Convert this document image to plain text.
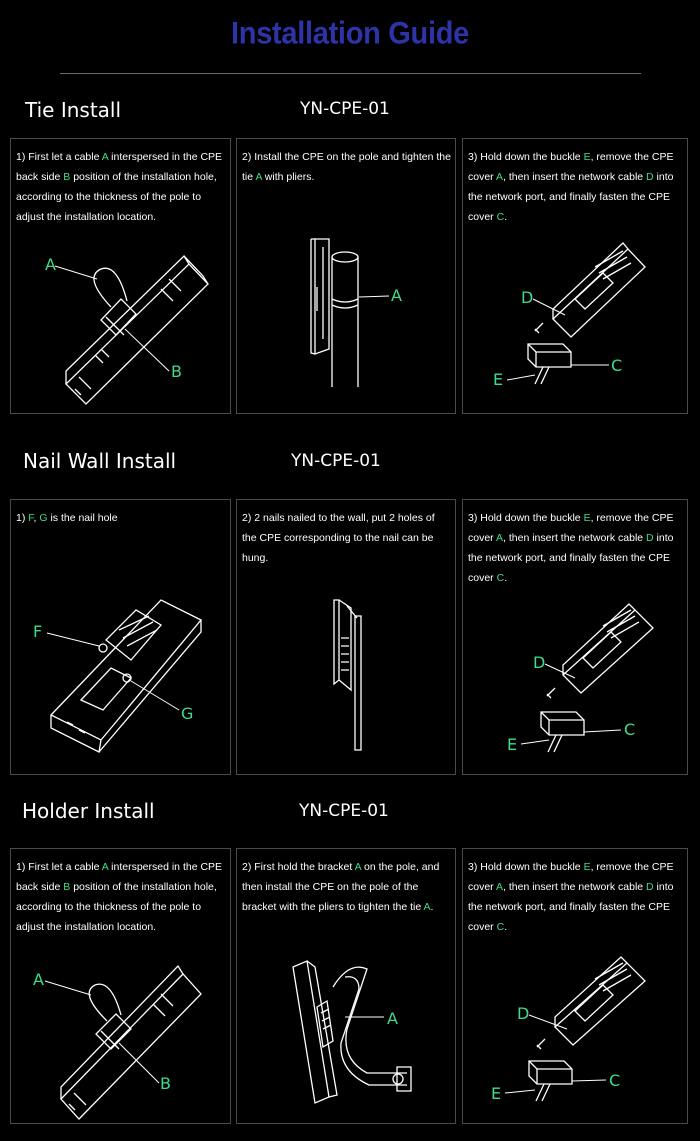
Installation Guide
Tie Install	YN-CPE-01
1) First let a cable A interspersed in the CPE back side B position of the installation hole, according to the thickness of the pole to adjust the installation location.
A
B
2) Install the CPE on the pole and tighten the tie A with pliers.
A
3) Hold down the buckle E, remove the CPE cover A, then insert the network cable D into the network port, and finally fasten the CPE cover C.
D
C
E
Nail Wall Install	YN-CPE-01
1) F, G is the nail hole
F
G
2) 2 nails nailed to the wall, put 2 holes of the CPE corresponding to the nail can be hung.
3) Hold down the buckle E, remove the CPE cover A, then insert the network cable D into the network port, and finally fasten the CPE cover C.
D
C
E
Holder Install	YN-CPE-01
1) First let a cable A interspersed in the CPE back side B position of the installation hole, according to the thickness of the pole to adjust the installation location.
A
B
2) First hold the bracket A on the pole, and then install the CPE on the pole of the bracket with the pliers to tighten the tie A.
A
3) Hold down the buckle E, remove the CPE cover A, then insert the network cable D into the network port, and finally fasten the CPE cover C.
D
C
E
